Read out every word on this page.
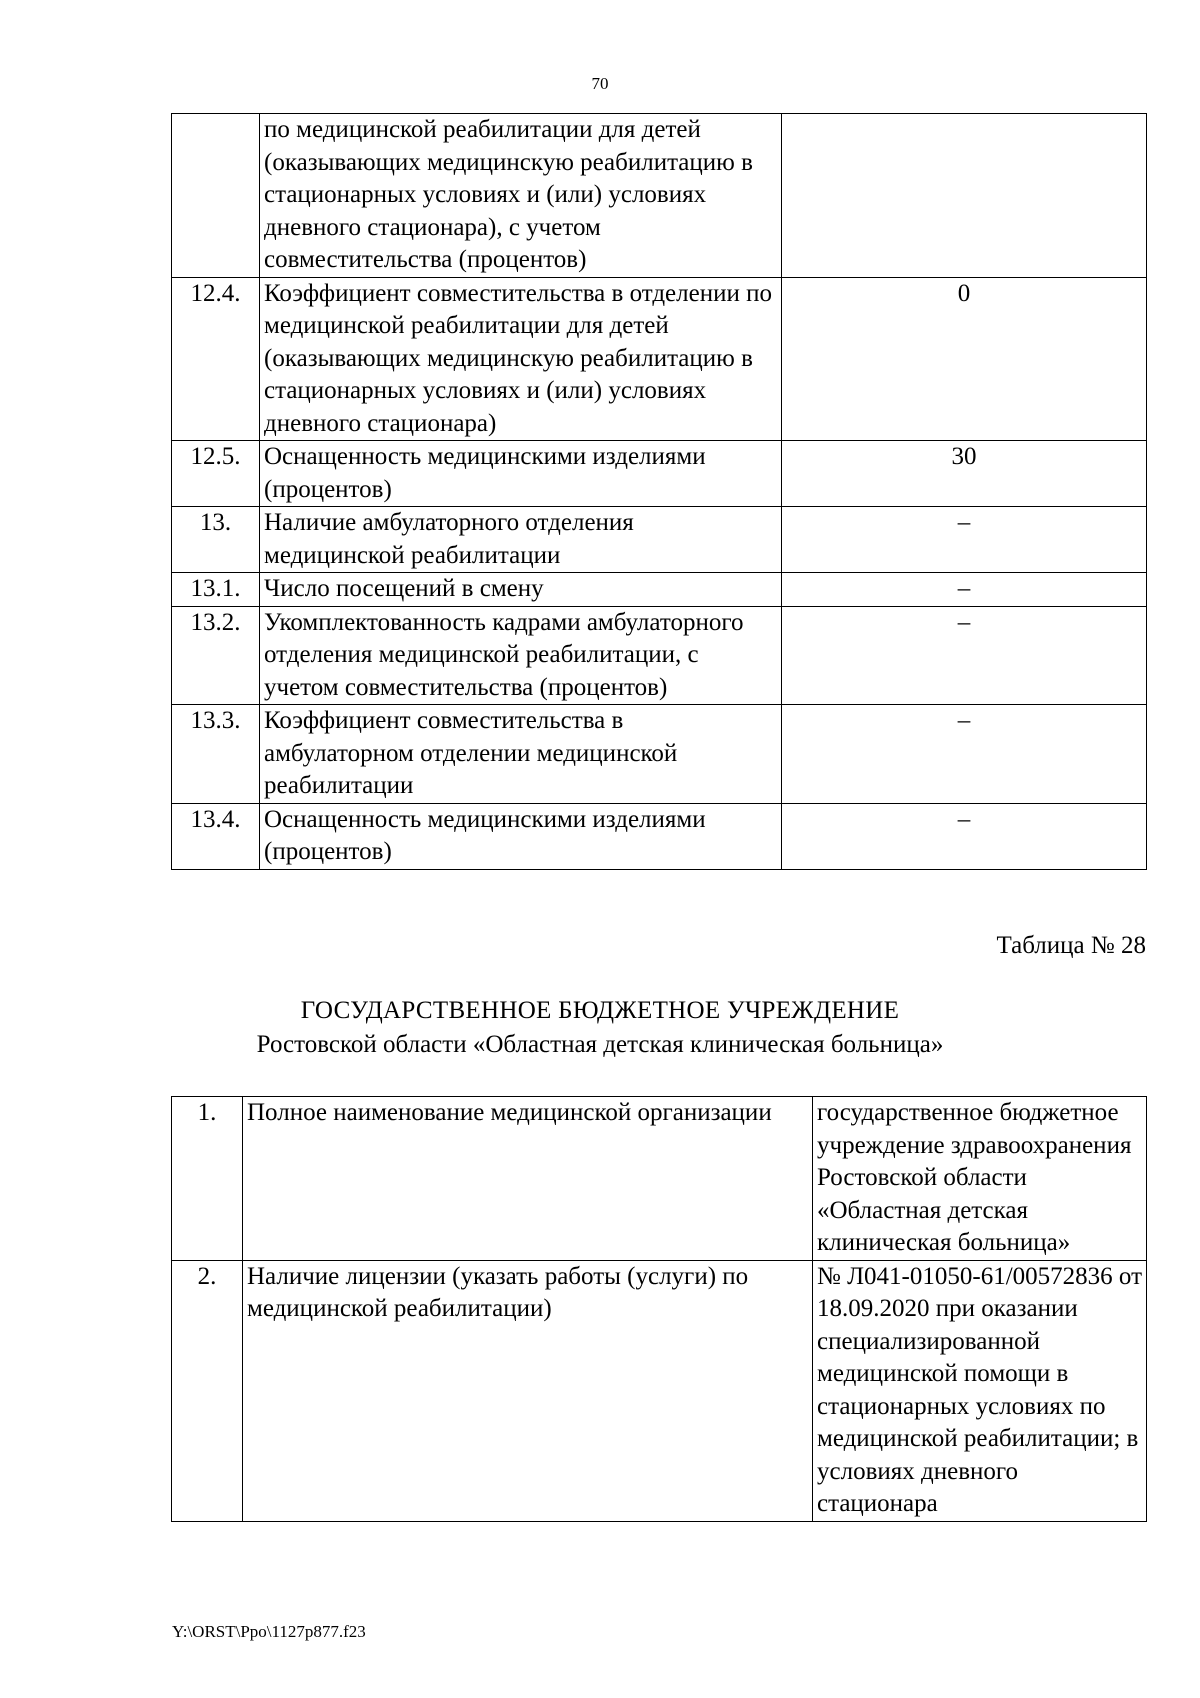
70
	по медицинской реабилитации для детей (оказывающих медицинскую реабилитацию в стационарных условиях и (или) условиях дневного стационара), с учетом совместительства (процентов)	
12.4.	Коэффициент совместительства в отделении по медицинской реабилитации для детей (оказывающих медицинскую реабилитацию в стационарных условиях и (или) условиях дневного стационара)	0
12.5.	Оснащенность медицинскими изделиями (процентов)	30
13.	Наличие амбулаторного отделения медицинской реабилитации	–
13.1.	Число посещений в смену	–
13.2.	Укомплектованность кадрами амбулаторного отделения медицинской реабилитации, с учетом совместительства (процентов)	–
13.3.	Коэффициент совместительства в амбулаторном отделении медицинской реабилитации	–
13.4.	Оснащенность медицинскими изделиями (процентов)	–
Таблица № 28
ГОСУДАРСТВЕННОЕ БЮДЖЕТНОЕ УЧРЕЖДЕНИЕ
Ростовской области «Областная детская клиническая больница»
1.	Полное наименование медицинской организации	государственное бюджетное учреждение здравоохранения Ростовской области «Областная детская клиническая больница»
2.	Наличие лицензии (указать работы (услуги) по медицинской реабилитации)	№ Л041-01050-61/00572836 от 18.09.2020 при оказании специализированной медицинской помощи в стационарных условиях по медицинской реабилитации; в условиях дневного стационара
Y:\ORST\Ppo\1127p877.f23
